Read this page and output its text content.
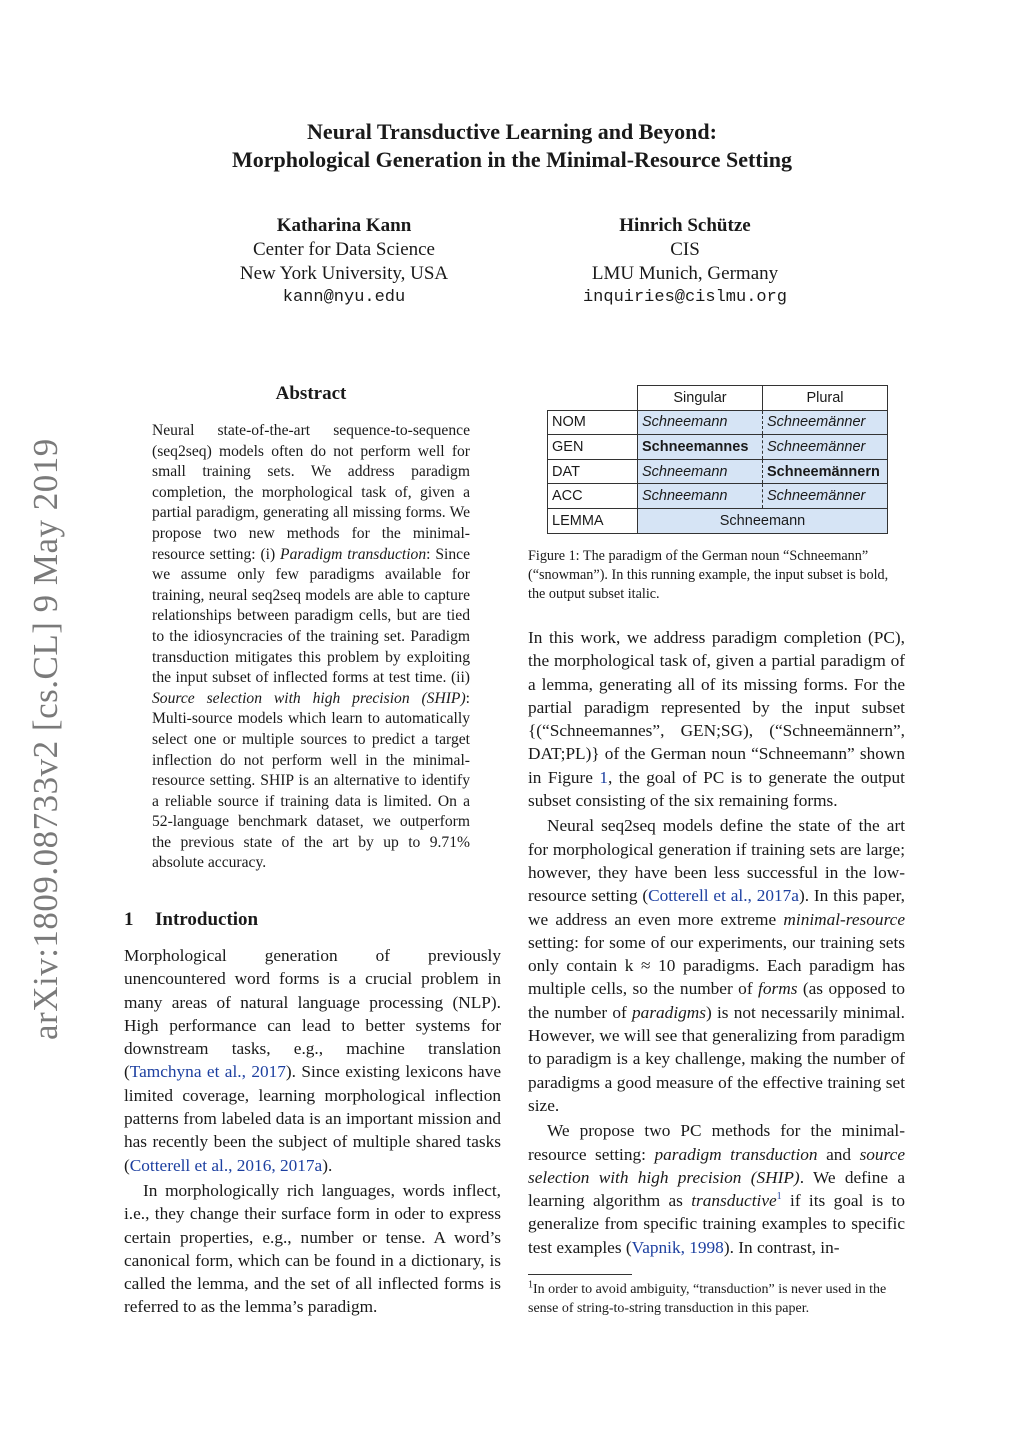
arXiv:1809.08733v2 [cs.CL] 9 May 2019
Neural Transductive Learning and Beyond:
Morphological Generation in the Minimal-Resource Setting
Katharina Kann
Center for Data Science
New York University, USA
kann@nyu.edu
Hinrich Schütze
CIS
LMU Munich, Germany
inquiries@cislmu.org
Abstract
Neural state-of-the-art sequence-to-sequence (seq2seq) models often do not perform well for small training sets. We address paradigm completion, the morphological task of, given a partial paradigm, generating all missing forms. We propose two new methods for the minimal-resource setting: (i) Paradigm transduction: Since we assume only few paradigms available for training, neural seq2seq models are able to capture relationships between paradigm cells, but are tied to the idiosyncracies of the training set. Paradigm transduction mitigates this problem by exploiting the input subset of inflected forms at test time. (ii) Source selection with high precision (SHIP): Multi-source models which learn to automatically select one or multiple sources to predict a target inflection do not perform well in the minimal-resource setting. SHIP is an alternative to identify a reliable source if training data is limited. On a 52-language benchmark dataset, we outperform the previous state of the art by up to 9.71% absolute accuracy.
1 Introduction

Morphological generation of previously unencountered word forms is a crucial problem in many areas of natural language processing (NLP). High performance can lead to better systems for downstream tasks, e.g., machine translation (Tamchyna et al., 2017). Since existing lexicons have limited coverage, learning morphological inflection patterns from labeled data is an important mission and has recently been the subject of multiple shared tasks (Cotterell et al., 2016, 2017a).

In morphologically rich languages, words inflect, i.e., they change their surface form in oder to express certain properties, e.g., number or tense. A word’s canonical form, which can be found in a dictionary, is called the lemma, and the set of all inflected forms is referred to as the lemma’s paradigm.

	Singular	Plural
NOM	Schneemann	Schneemänner
GEN	Schneemannes	Schneemänner
DAT	Schneemann	Schneemännern
ACC	Schneemann	Schneemänner
LEMMA	Schneemann	
Figure 1: The paradigm of the German noun “Schneemann” (“snowman”). In this running example, the input subset is bold, the output subset italic.

In this work, we address paradigm completion (PC), the morphological task of, given a partial paradigm of a lemma, generating all of its missing forms. For the partial paradigm represented by the input subset {(“Schneemannes”, GEN;SG), (“Schneemännern”, DAT;PL)} of the German noun “Schneemann” shown in Figure 1, the goal of PC is to generate the output subset consisting of the six remaining forms.

Neural seq2seq models define the state of the art for morphological generation if training sets are large; however, they have been less successful in the low-resource setting (Cotterell et al., 2017a). In this paper, we address an even more extreme minimal-resource setting: for some of our experiments, our training sets only contain k ≈ 10 paradigms. Each paradigm has multiple cells, so the number of forms (as opposed to the number of paradigms) is not necessarily minimal. However, we will see that generalizing from paradigm to paradigm is a key challenge, making the number of paradigms a good measure of the effective training set size.

We propose two PC methods for the minimal-resource setting: paradigm transduction and source selection with high precision (SHIP). We define a learning algorithm as transductive$^1$ if its goal is to generalize from specific training examples to specific test examples (Vapnik, 1998). In contrast, in-

$^1$In order to avoid ambiguity, “transduction” is never used in the sense of string-to-string transduction in this paper.
